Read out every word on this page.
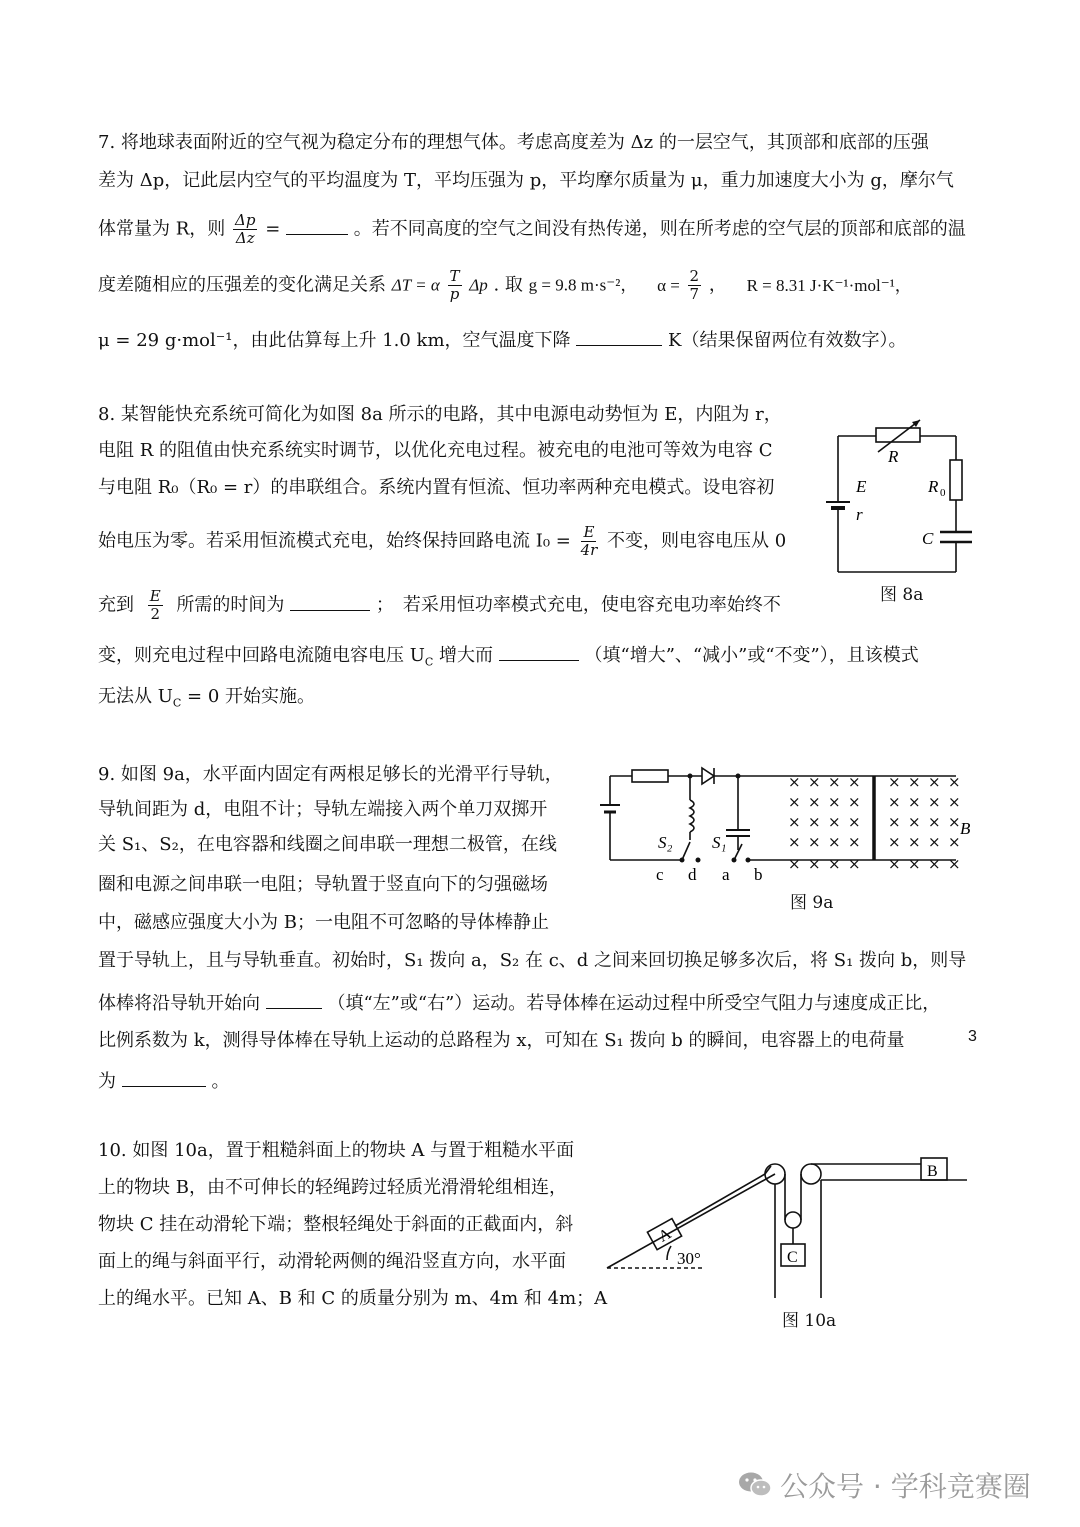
7. 将地球表面附近的空气视为稳定分布的理想气体。考虑高度差为 Δz 的一层空气，其顶部和底部的压强
差为 Δp，记此层内空气的平均温度为 T，平均压强为 p，平均摩尔质量为 μ，重力加速度大小为 g，摩尔气
体常量为 R，则 $\frac{\Delta p}{\Delta z}$ =	。若不同高度的空气之间没有热传递，则在所考虑的空气层的顶部和底部的温
度差随相应的压强差的变化满足关系 ΔT = α $\frac{T}{p}$ Δp . 取 g = 9.8 m·s⁻²， $\alpha = \frac{2}{7}$ ， R = 8.31 J·K⁻¹·mol⁻¹，
μ = 29 g·mol⁻¹，由此估算每上升 1.0 km，空气温度下降	K（结果保留两位有效数字）。
8. 某智能快充系统可简化为如图 8a 所示的电路，其中电源电动势恒为 E，内阻为 r，
电阻 R 的阻值由快充系统实时调节，以优化充电过程。被充电的电池可等效为电容 C
与电阻 R₀（R₀ = r）的串联组合。系统内置有恒流、恒功率两种充电模式。设电容初
始电压为零。若采用恒流模式充电，始终保持回路电流 $I_0 = \frac{E}{4r}$ 不变，则电容电压从 0
充到 $\frac{E}{2}$ 所需的时间为	；　若采用恒功率模式充电，使电容充电功率始终不
变，则充电过程中回路电流随电容电压 $U_C$ 增大而	（填“增大”、“减小”或“不变”），且该模式
无法从 $U_C = 0$ 开始实施。
R
E
r
R 0
C
图 8a
9. 如图 9a，水平面内固定有两根足够长的光滑平行导轨，
导轨间距为 d，电阻不计；导轨左端接入两个单刀双掷开
关 S₁、S₂，在电容器和线圈之间串联一理想二极管，在线
圈和电源之间串联一电阻；导轨置于竖直向下的匀强磁场
中，磁感应强度大小为 B；一电阻不可忽略的导体棒静止
置于导轨上，且与导轨垂直。初始时，S₁ 拨向 a，S₂ 在 c、d 之间来回切换足够多次后，将 S₁ 拨向 b，则导
体棒将沿导轨开始向	（填“左”或“右”）运动。若导体棒在运动过程中所受空气阻力与速度成正比，
比例系数为 k，测得导体棒在导轨上运动的总路程为 x，可知在 S₁ 拨向 b 的瞬间，电容器上的电荷量
为	。
× × × × × × × ×
× × × × × × × ×
× × × × × × × ×
× × × × × × × ×
× × × × × × × ×
S₂ S₁
c d a b
B
图 9a
10. 如图 10a，置于粗糙斜面上的物块 A 与置于粗糙水平面
上的物块 B，由不可伸长的轻绳跨过轻质光滑滑轮组相连，
物块 C 挂在动滑轮下端；整根轻绳处于斜面的正截面内，斜
面上的绳与斜面平行，动滑轮两侧的绳沿竖直方向，水平面
上的绳水平。已知 A、B 和 C 的质量分别为 m、4m 和 4m；A
A
B
C
30°
图 10a
3
公众号 · 学科竞赛圈
